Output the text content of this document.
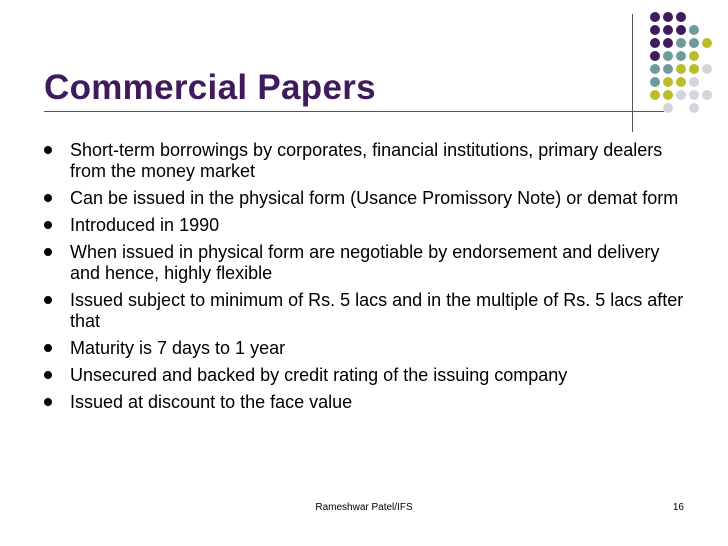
Commercial Papers
Short-term borrowings by corporates, financial institutions, primary dealers from the money market
Can be issued in the physical form (Usance Promissory Note) or demat form
Introduced in 1990
When issued in physical form are negotiable by endorsement and delivery and hence, highly flexible
Issued subject to minimum of Rs. 5 lacs and in the multiple of Rs. 5 lacs after that
Maturity is 7 days to 1 year
Unsecured and backed by credit rating of the issuing company
Issued at discount to the face value
Rameshwar Patel/IFS	16
